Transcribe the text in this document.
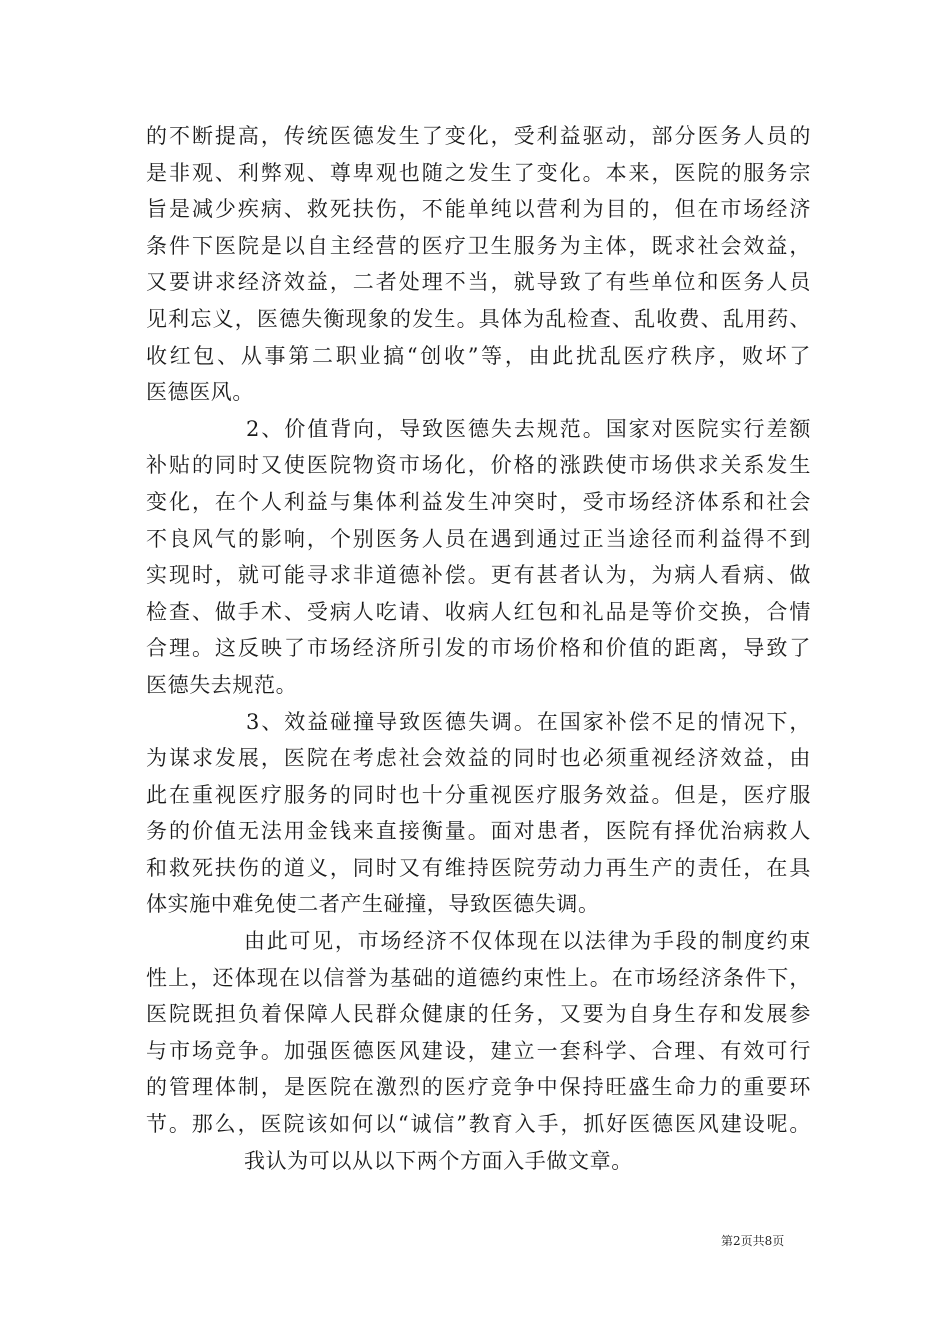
的不断提高，传统医德发生了变化，受利益驱动，部分医务人员的
是非观、利弊观、尊卑观也随之发生了变化。本来，医院的服务宗
旨是减少疾病、救死扶伤，不能单纯以营利为目的，但在市场经济
条件下医院是以自主经营的医疗卫生服务为主体，既求社会效益，
又要讲求经济效益，二者处理不当，就导致了有些单位和医务人员
见利忘义，医德失衡现象的发生。具体为乱检查、乱收费、乱用药、
收红包、从事第二职业搞“创收”等，由此扰乱医疗秩序，败坏了
医德医风。
2、价值背向，导致医德失去规范。国家对医院实行差额
补贴的同时又使医院物资市场化，价格的涨跌使市场供求关系发生
变化，在个人利益与集体利益发生冲突时，受市场经济体系和社会
不良风气的影响，个别医务人员在遇到通过正当途径而利益得不到
实现时，就可能寻求非道德补偿。更有甚者认为，为病人看病、做
检查、做手术、受病人吃请、收病人红包和礼品是等价交换，合情
合理。这反映了市场经济所引发的市场价格和价值的距离，导致了
医德失去规范。
3、效益碰撞导致医德失调。在国家补偿不足的情况下，
为谋求发展，医院在考虑社会效益的同时也必须重视经济效益，由
此在重视医疗服务的同时也十分重视医疗服务效益。但是，医疗服
务的价值无法用金钱来直接衡量。面对患者，医院有择优治病救人
和救死扶伤的道义，同时又有维持医院劳动力再生产的责任，在具
体实施中难免使二者产生碰撞，导致医德失调。
由此可见，市场经济不仅体现在以法律为手段的制度约束
性上，还体现在以信誉为基础的道德约束性上。在市场经济条件下，
医院既担负着保障人民群众健康的任务，又要为自身生存和发展参
与市场竞争。加强医德医风建设，建立一套科学、合理、有效可行
的管理体制，是医院在激烈的医疗竞争中保持旺盛生命力的重要环
节。那么，医院该如何以“诚信”教育入手，抓好医德医风建设呢。
我认为可以从以下两个方面入手做文章。
第2页共8页
